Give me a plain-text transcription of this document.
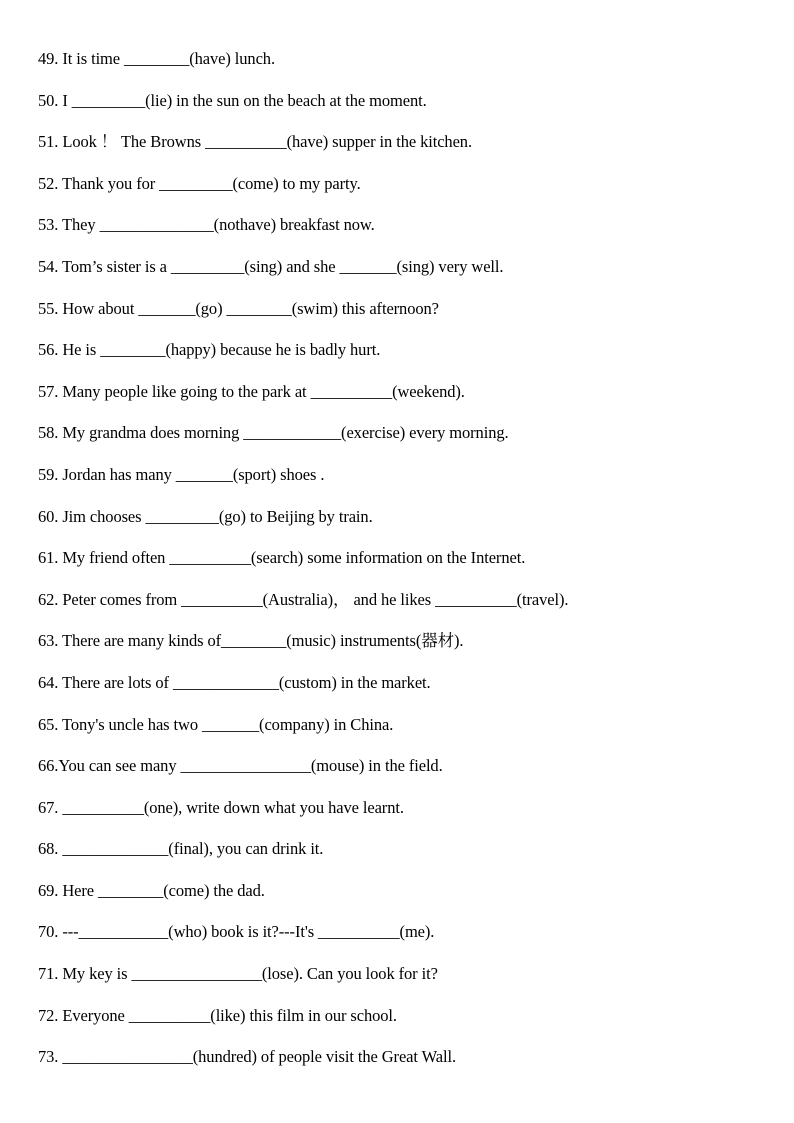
49. It is time ________(have) lunch.
50. I _________(lie) in the sun on the beach at the moment.
51. Look ！ The Browns __________(have) supper in the kitchen.
52. Thank you for _________(come) to my party.
53. They ______________(nothave) breakfast now.
54. Tom’s sister is a _________(sing) and she _______(sing) very well.
55. How about _______(go) ________(swim) this afternoon?
56. He is ________(happy) because he is badly hurt.
57. Many people like going to the park at __________(weekend).
58. My grandma does morning ____________(exercise) every morning.
59. Jordan has many _______(sport) shoes .
60. Jim chooses _________(go) to Beijing by train.
61. My friend often __________(search) some information on the Internet.
62. Peter comes from __________(Australia)， and he likes __________(travel).
63. There are many kinds of________(music) instruments(器材).
64. There are lots of _____________(custom) in the market.
65. Tony's uncle has two _______(company) in China.
66.You can see many ________________(mouse) in the field.
67. __________(one), write down what you have learnt.
68. _____________(final), you can drink it.
69. Here ________(come) the dad.
70. ---___________(who) book is it?---It's __________(me).
71. My key is ________________(lose). Can you look for it?
72. Everyone __________(like) this film in our school.
73. ________________(hundred) of people visit the Great Wall.
